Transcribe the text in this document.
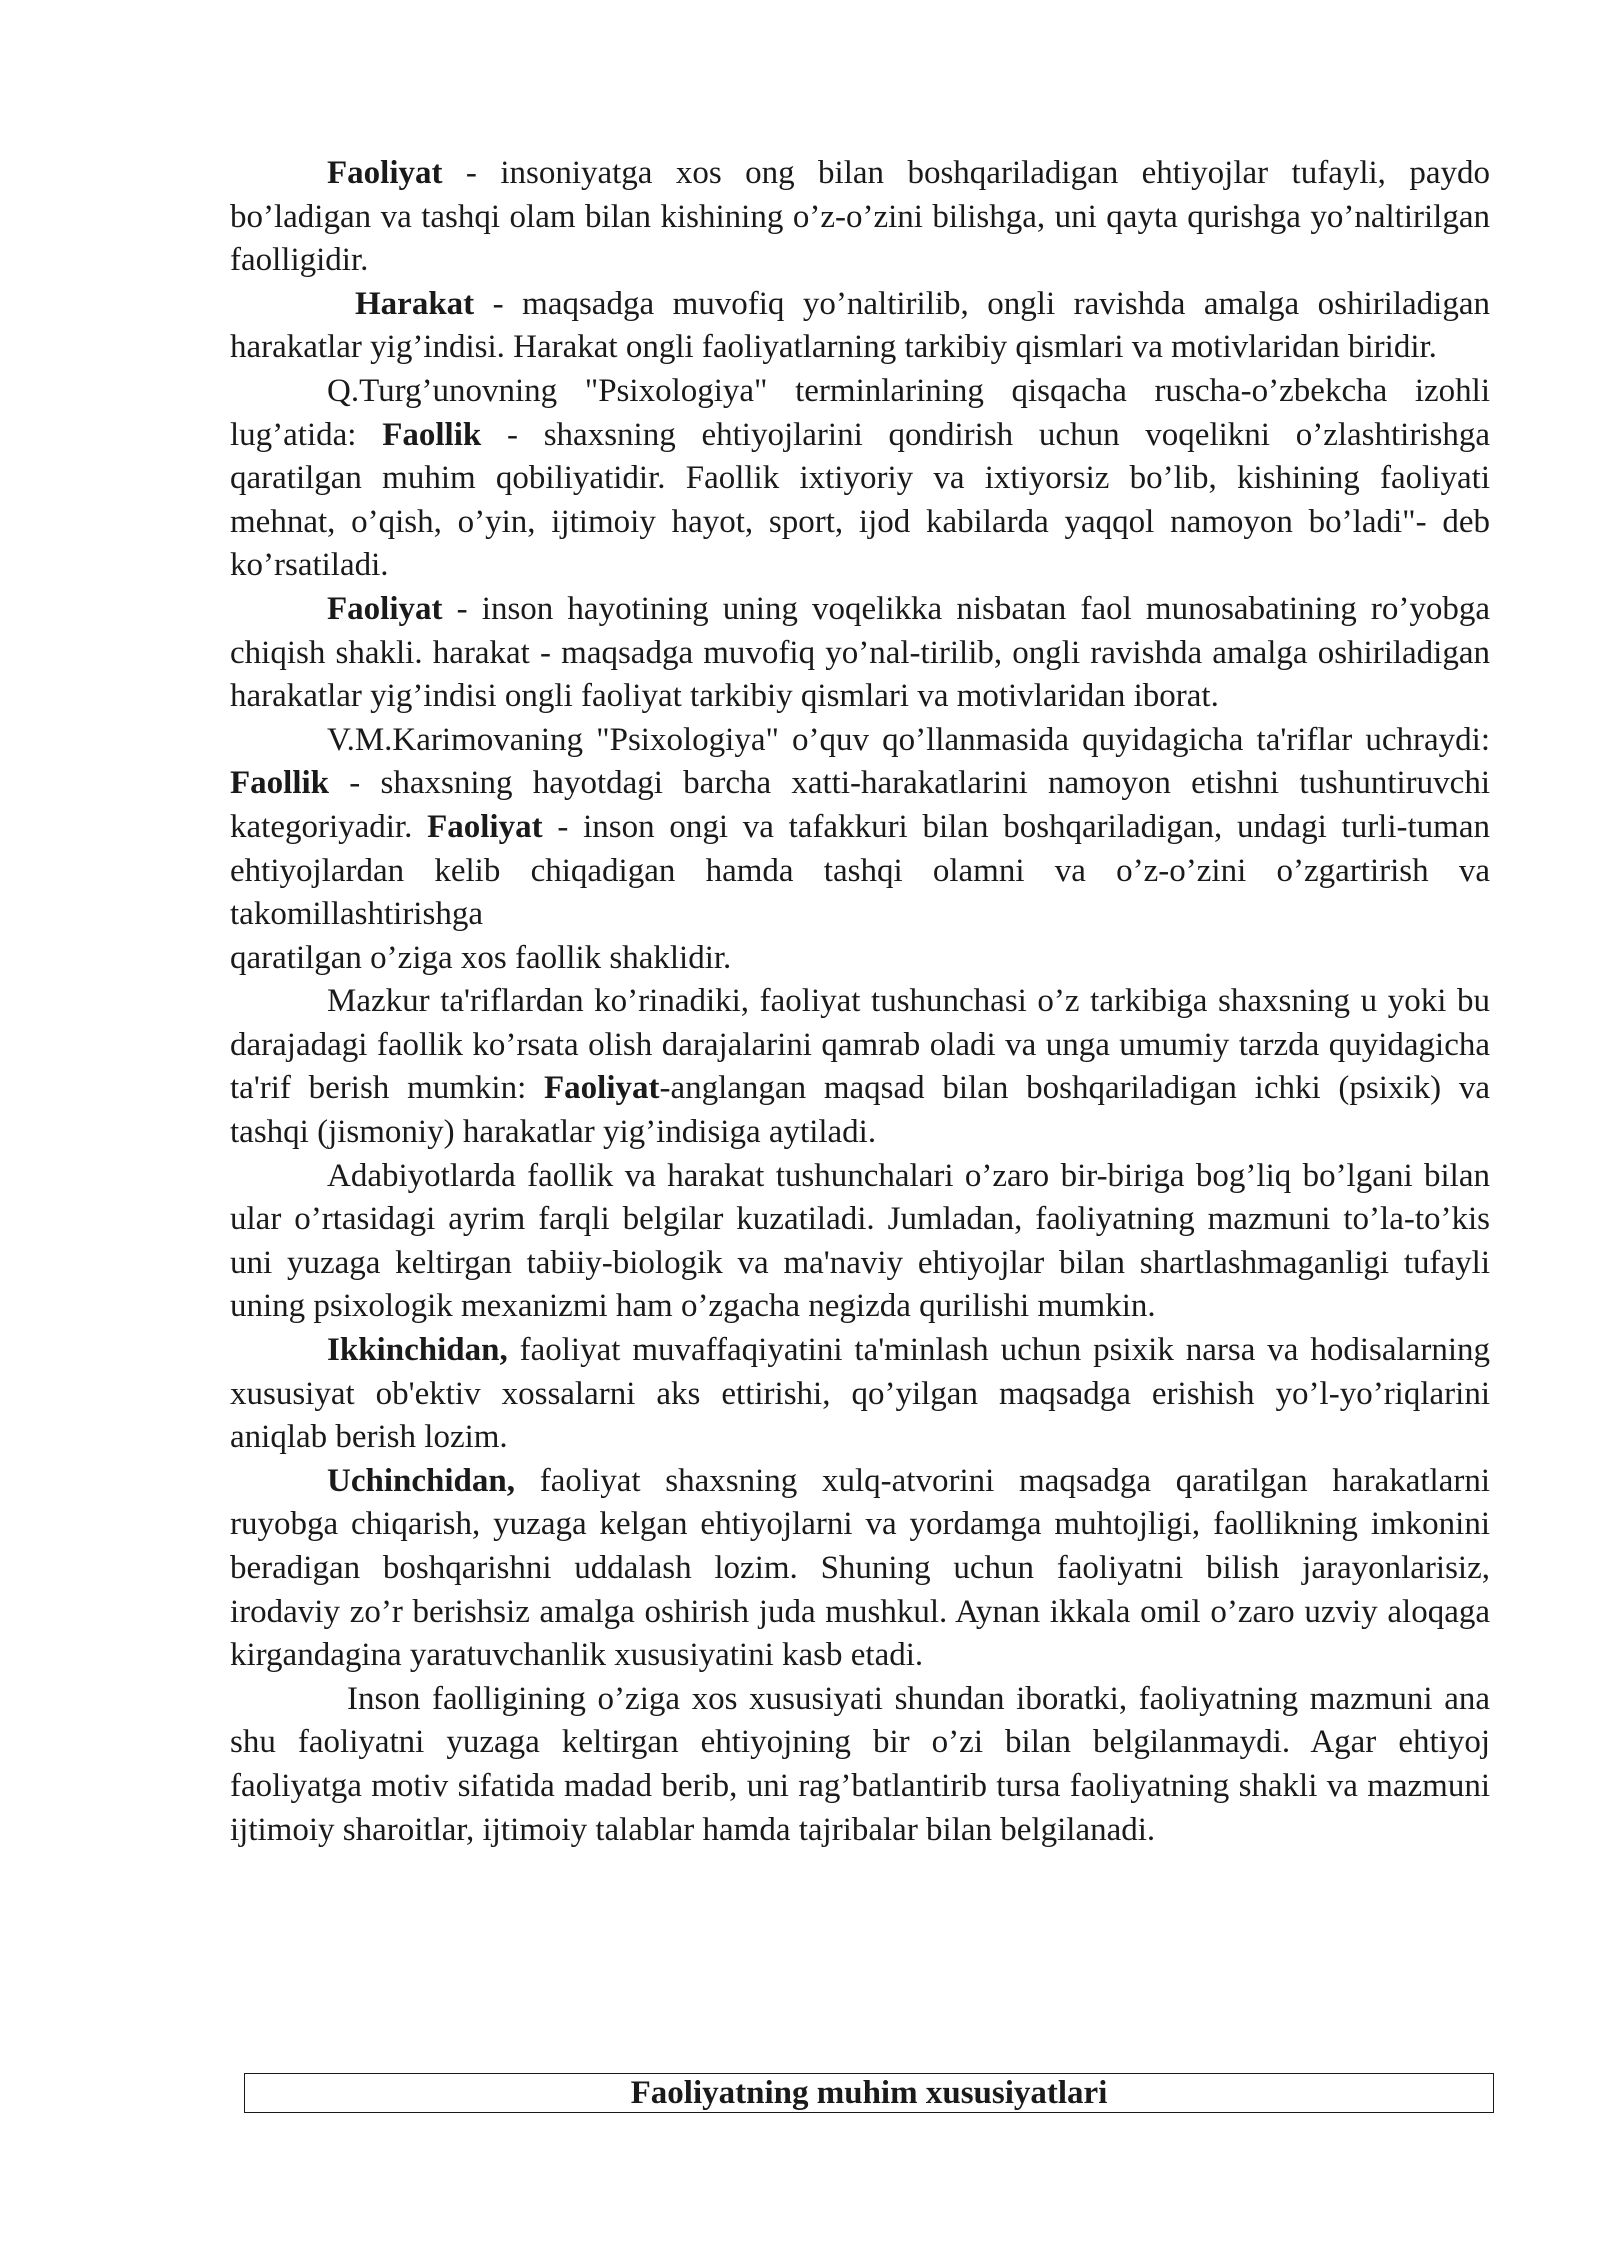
Faoliyat - insoniyatga xos ong bilan boshqariladigan ehtiyojlar tufayli, paydo bo’ladigan va tashqi olam bilan kishining o’z-o’zini bilishga, uni qayta qurishga yo’naltirilgan faolligidir.

Harakat - maqsadga muvofiq yo’naltirilib, ongli ravishda amalga oshiriladigan harakatlar yig’indisi. Harakat ongli faoliyatlarning tarkibiy qismlari va motivlaridan biridir.

Q.Turg’unovning "Psixologiya" terminlarining qisqacha ruscha-o’zbekcha izohli lug’atida: Faollik - shaxsning ehtiyojlarini qondirish uchun voqelikni o’zlashtirishga qaratilgan muhim qobiliyatidir. Faollik ixtiyoriy va ixtiyorsiz bo’lib, kishining faoliyati mehnat, o’qish, o’yin, ijtimoiy hayot, sport, ijod kabilarda yaqqol namoyon bo’ladi"- deb ko’rsatiladi.

Faoliyat - inson hayotining uning voqelikka nisbatan faol munosabatining ro’yobga chiqish shakli. harakat - maqsadga muvofiq yo’nal-tirilib, ongli ravishda amalga oshiriladigan harakatlar yig’indisi ongli faoliyat tarkibiy qismlari va motivlaridan iborat.

V.M.Karimovaning "Psixologiya" o’quv qo’llanmasida quyidagicha ta'riflar uchraydi: Faollik - shaxsning hayotdagi barcha xatti-harakatlarini namoyon etishni tushuntiruvchi kategoriyadir. Faoliyat - inson ongi va tafakkuri bilan boshqariladigan, undagi turli-tuman ehtiyojlardan kelib chiqadigan hamda tashqi olamni va o’z-o’zini o’zgartirish va takomillashtirishga

qaratilgan o’ziga xos faollik shaklidir.

Mazkur ta'riflardan ko’rinadiki, faoliyat tushunchasi o’z tarkibiga shaxsning u yoki bu darajadagi faollik ko’rsata olish darajalarini qamrab oladi va unga umumiy tarzda quyidagicha ta'rif berish mumkin: Faoliyat-anglangan maqsad bilan boshqariladigan ichki (psixik) va tashqi (jismoniy) harakatlar yig’indisiga aytiladi.

Adabiyotlarda faollik va harakat tushunchalari o’zaro bir-biriga bog’liq bo’lgani bilan ular o’rtasidagi ayrim farqli belgilar kuzatiladi. Jumladan, faoliyatning mazmuni to’la-to’kis uni yuzaga keltirgan tabiiy-biologik va ma'naviy ehtiyojlar bilan shartlashmaganligi tufayli uning psixologik mexanizmi ham o’zgacha negizda qurilishi mumkin.

Ikkinchidan, faoliyat muvaffaqiyatini ta'minlash uchun psixik narsa va hodisalarning xususiyat ob'ektiv xossalarni aks ettirishi, qo’yilgan maqsadga erishish yo’l-yo’riqlarini aniqlab berish lozim.

Uchinchidan, faoliyat shaxsning xulq-atvorini maqsadga qaratilgan harakatlarni ruyobga chiqarish, yuzaga kelgan ehtiyojlarni va yordamga muhtojligi, faollikning imkonini beradigan boshqarishni uddalash lozim. Shuning uchun faoliyatni bilish jarayonlarisiz, irodaviy zo’r berishsiz amalga oshirish juda mushkul. Aynan ikkala omil o’zaro uzviy aloqaga kirgandagina yaratuvchanlik xususiyatini kasb etadi.

Inson faolligining o’ziga xos xususiyati shundan iboratki, faoliyatning mazmuni ana shu faoliyatni yuzaga keltirgan ehtiyojning bir o’zi bilan belgilanmaydi. Agar ehtiyoj faoliyatga motiv sifatida madad berib, uni rag’batlantirib tursa faoliyatning shakli va mazmuni ijtimoiy sharoitlar, ijtimoiy talablar hamda tajribalar bilan belgilanadi.

Faoliyatning muhim xususiyatlari
